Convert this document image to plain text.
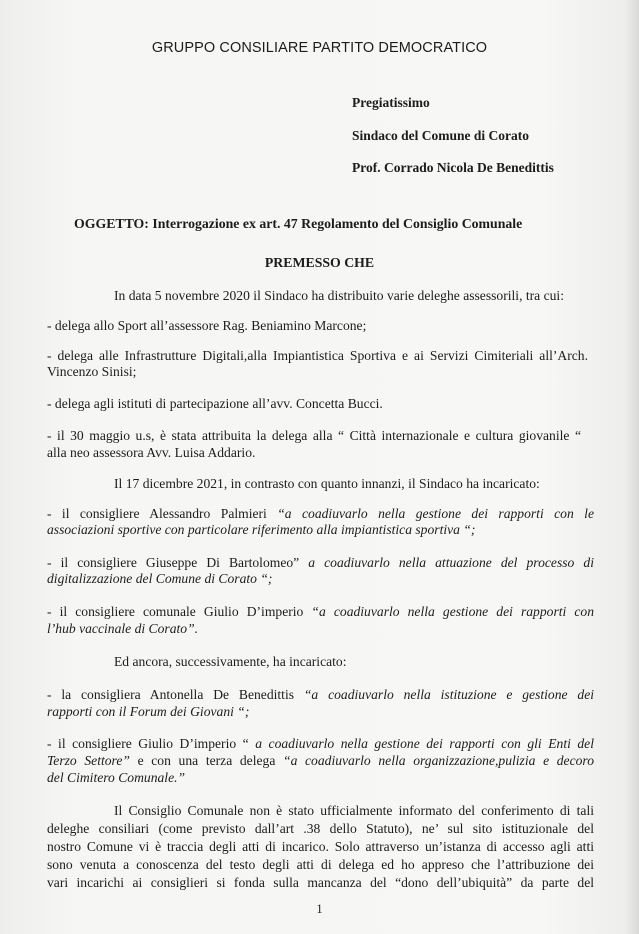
GRUPPO CONSILIARE PARTITO DEMOCRATICO
Pregiatissimo
Sindaco del Comune di Corato
Prof. Corrado Nicola De Benedittis
OGGETTO: Interrogazione ex art. 47 Regolamento del Consiglio Comunale
PREMESSO CHE
In data 5 novembre 2020 il Sindaco ha distribuito varie deleghe assessorili, tra cui:
- delega allo Sport all’assessore Rag. Beniamino Marcone;
- delega alle Infrastrutture Digitali,alla Impiantistica Sportiva e ai Servizi Cimiteriali all’Arch.
Vincenzo Sinisi;
- delega agli istituti di partecipazione all’avv. Concetta Bucci.
- il 30 maggio u.s, è stata attribuita la delega alla “ Città internazionale e cultura giovanile “
alla neo assessora Avv. Luisa Addario.
Il 17 dicembre 2021, in contrasto con quanto innanzi, il Sindaco ha incaricato:
- il consigliere Alessandro Palmieri “a coadiuvarlo nella gestione dei rapporti con le
associazioni sportive con particolare riferimento alla impiantistica sportiva “;
- il consigliere Giuseppe Di Bartolomeo” a coadiuvarlo nella attuazione del processo di
digitalizzazione del Comune di Corato “;
- il consigliere comunale Giulio D’imperio “a coadiuvarlo nella gestione dei rapporti con
l’hub vaccinale di Corato”.
Ed ancora, successivamente, ha incaricato:
- la consigliera Antonella De Benedittis “a coadiuvarlo nella istituzione e gestione dei
rapporti con il Forum dei Giovani “;
- il consigliere Giulio D’imperio “ a coadiuvarlo nella gestione dei rapporti con gli Enti del
Terzo Settore” e con una terza delega “a coadiuvarlo nella organizzazione,pulizia e decoro
del Cimitero Comunale.”
Il Consiglio Comunale non è stato ufficialmente informato del conferimento di tali
deleghe consiliari (come previsto dall’art .38 dello Statuto), ne’ sul sito istituzionale del
nostro Comune vi è traccia degli atti di incarico. Solo attraverso un’istanza di accesso agli atti
sono venuta a conoscenza del testo degli atti di delega ed ho appreso che l’attribuzione dei
vari incarichi ai consiglieri si fonda sulla mancanza del “dono dell’ubiquità” da parte del
1
